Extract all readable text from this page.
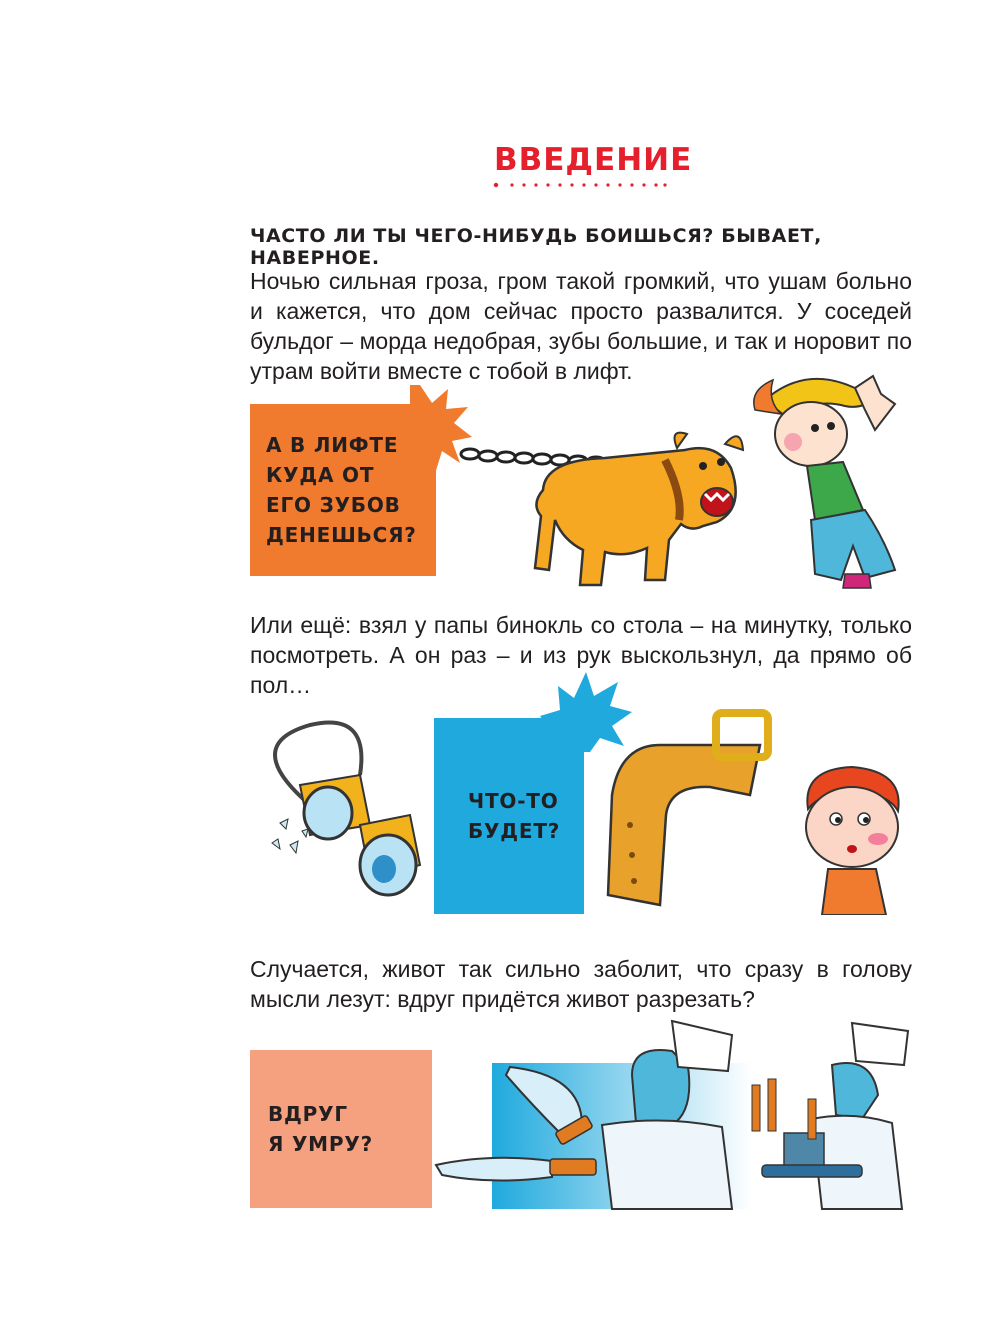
ВВЕДЕНИЕ
ЧАСТО ЛИ ТЫ ЧЕГО-НИБУДЬ БОИШЬСЯ? БЫВАЕТ, НАВЕРНОЕ.
Ночью сильная гроза, гром такой громкий, что ушам больно и кажется, что дом сейчас просто развалится. У соседей бульдог – морда недобрая, зубы большие, и так и норовит по утрам войти вместе с тобой в лифт.
А В ЛИФТЕ
КУДА ОТ
ЕГО ЗУБОВ
ДЕНЕШЬСЯ?
Или ещё: взял у папы бинокль со стола – на минутку, только посмотреть. А он раз – и из рук выскользнул, да прямо об пол…
ЧТО-ТО
БУДЕТ?
Случается, живот так сильно заболит, что сразу в голову мысли лезут: вдруг придётся живот разрезать?
ВДРУГ
Я УМРУ?
